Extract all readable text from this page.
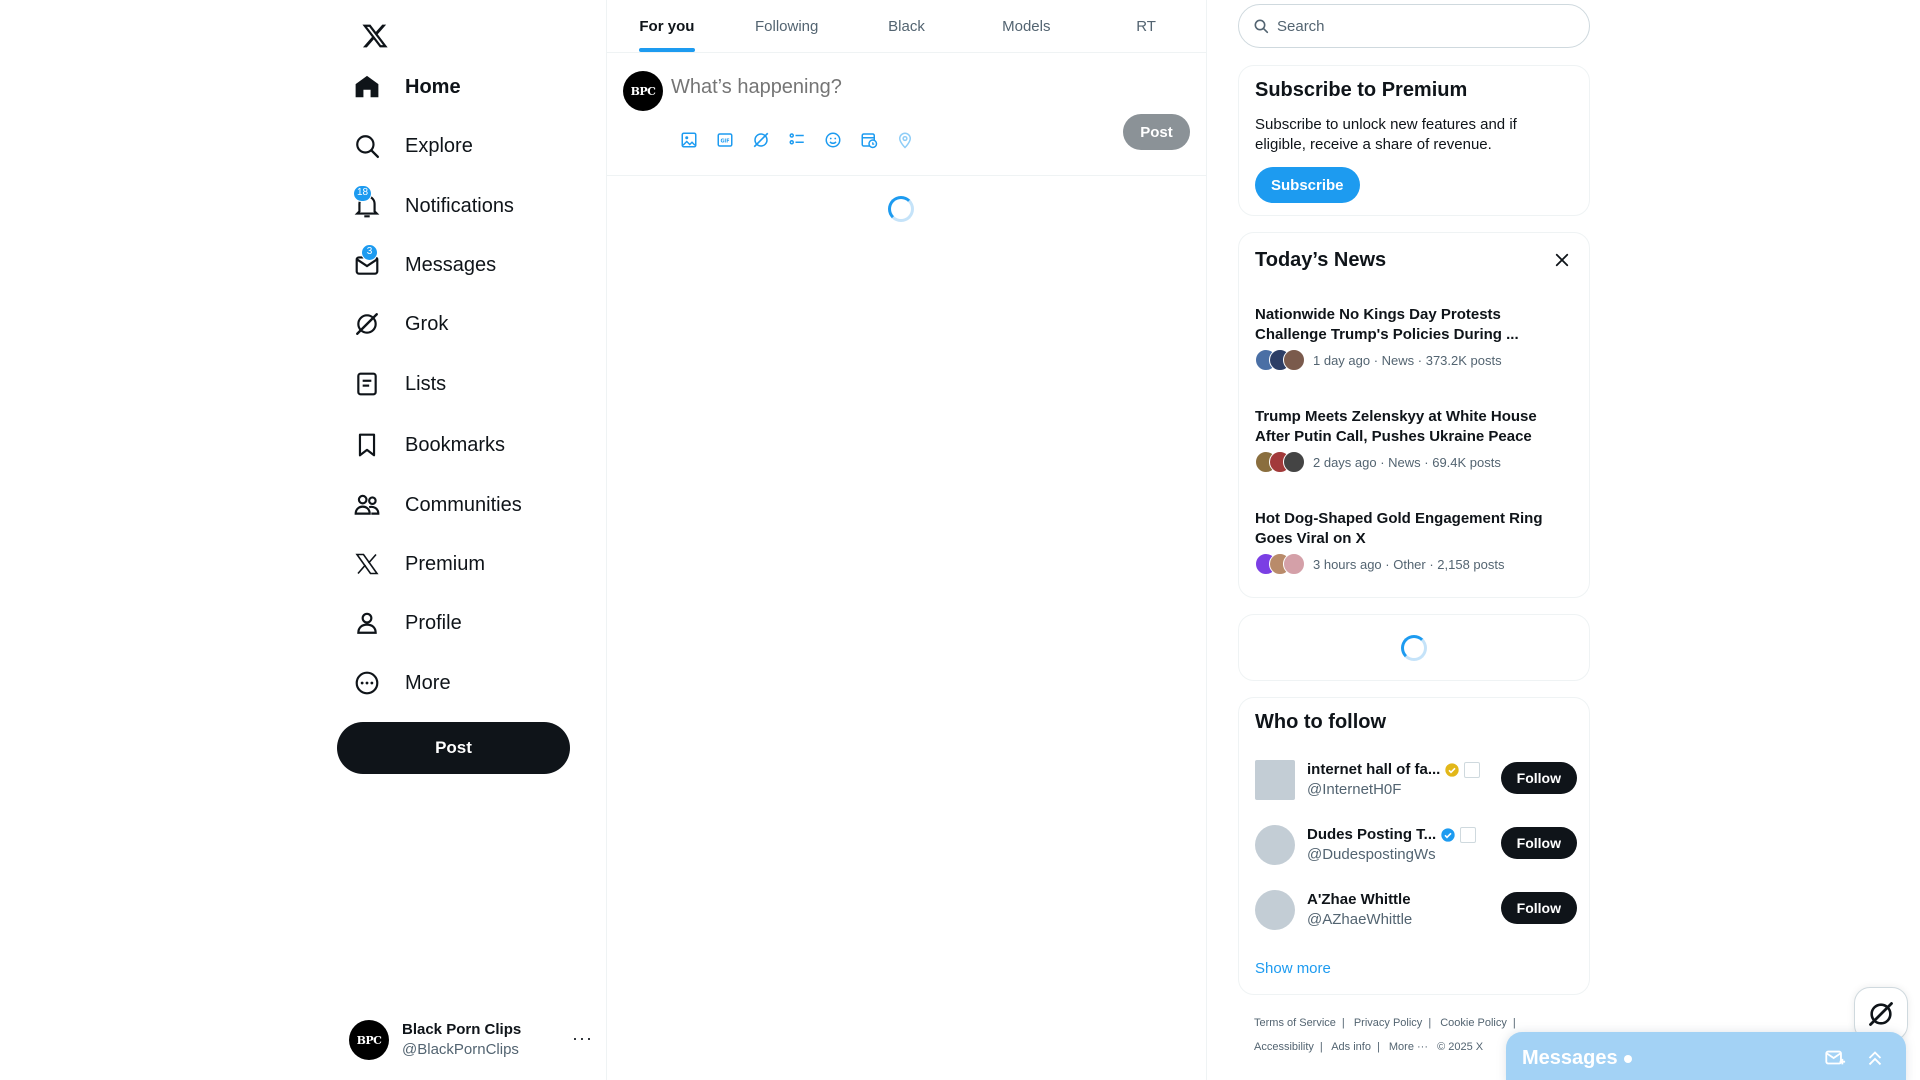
Home
Explore
18
Notifications
3
Messages
Grok
Lists
Bookmarks
Communities
Premium
Profile
More
Post
BPC
Black Porn Clips
@BlackPornClips
···
For you	Following	Black	Models	RT
BPC
What’s happening?
GIF
Post
Search
Subscribe to Premium
Subscribe to unlock new features and if eligible, receive a share of revenue.
Subscribe
Today’s News
Nationwide No Kings Day Protests Challenge Trump's Policies During ...
1 day ago · News · 373.2K posts
Trump Meets Zelenskyy at White House After Putin Call, Pushes Ukraine Peace
2 days ago · News · 69.4K posts
Hot Dog-Shaped Gold Engagement Ring Goes Viral on X
3 hours ago · Other · 2,158 posts
Who to follow
internet hall of fa...
@InternetH0F
Follow
Dudes Posting T...
@DudespostingWs
Follow
A'Zhae Whittle
@AZhaeWhittle
Follow
Show more
Terms of Service | Privacy Policy | Cookie Policy |
Accessibility | Ads info | More ··· © 2025 X	Messages
